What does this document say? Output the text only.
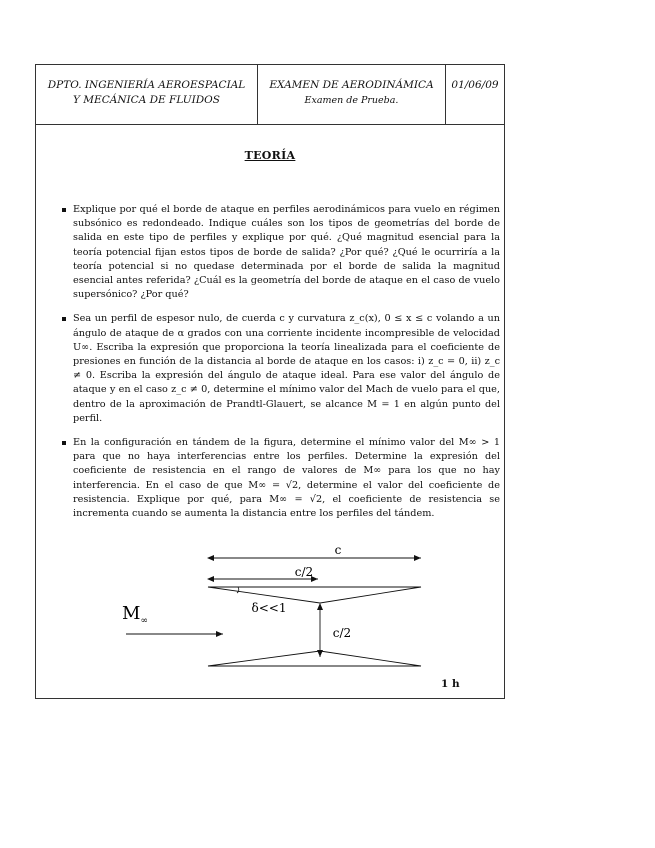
DPTO. INGENIERÍA AEROESPACIAL
Y MECÁNICA DE FLUIDOS
EXAMEN DE AERODINÁMICA
Examen de Prueba.
01/06/09
TEORÍA
Explique por qué el borde de ataque en perfiles aerodinámicos para vuelo en régimen subsónico es redondeado. Indique cuáles son los tipos de geometrías del borde de salida en este tipo de perfiles y explique por qué. ¿Qué magnitud esencial para la teoría potencial fijan estos tipos de borde de salida? ¿Por qué? ¿Qué le ocurriría a la teoría potencial si no quedase determinada por el borde de salida la magnitud esencial antes referida? ¿Cuál es la geometría del borde de ataque en el caso de vuelo supersónico? ¿Por qué?
Sea un perfil de espesor nulo, de cuerda c y curvatura z_c(x), 0 ≤ x ≤ c volando a un ángulo de ataque de α grados con una corriente incidente incompresible de velocidad U∞. Escriba la expresión que proporciona la teoría linealizada para el coeficiente de presiones en función de la distancia al borde de ataque en los casos: i) z_c = 0, ii) z_c ≠ 0. Escriba la expresión del ángulo de ataque ideal. Para ese valor del ángulo de ataque y en el caso z_c ≠ 0, determine el mínimo valor del Mach de vuelo para el que, dentro de la aproximación de Prandtl-Glauert, se alcance M = 1 en algún punto del perfil.
En la configuración en tándem de la figura, determine el mínimo valor del M∞ > 1 para que no haya interferencias entre los perfiles. Determine la expresión del coeficiente de resistencia en el rango de valores de M∞ para los que no hay interferencia. En el caso de que M∞ = √2, determine el valor del coeficiente de resistencia. Explique por qué, para M∞ = √2, el coeficiente de resistencia se incrementa cuando se aumenta la distancia entre los perfiles del tándem.
c
c/2
δ<<1
$M_\infty$
c/2
1 h
